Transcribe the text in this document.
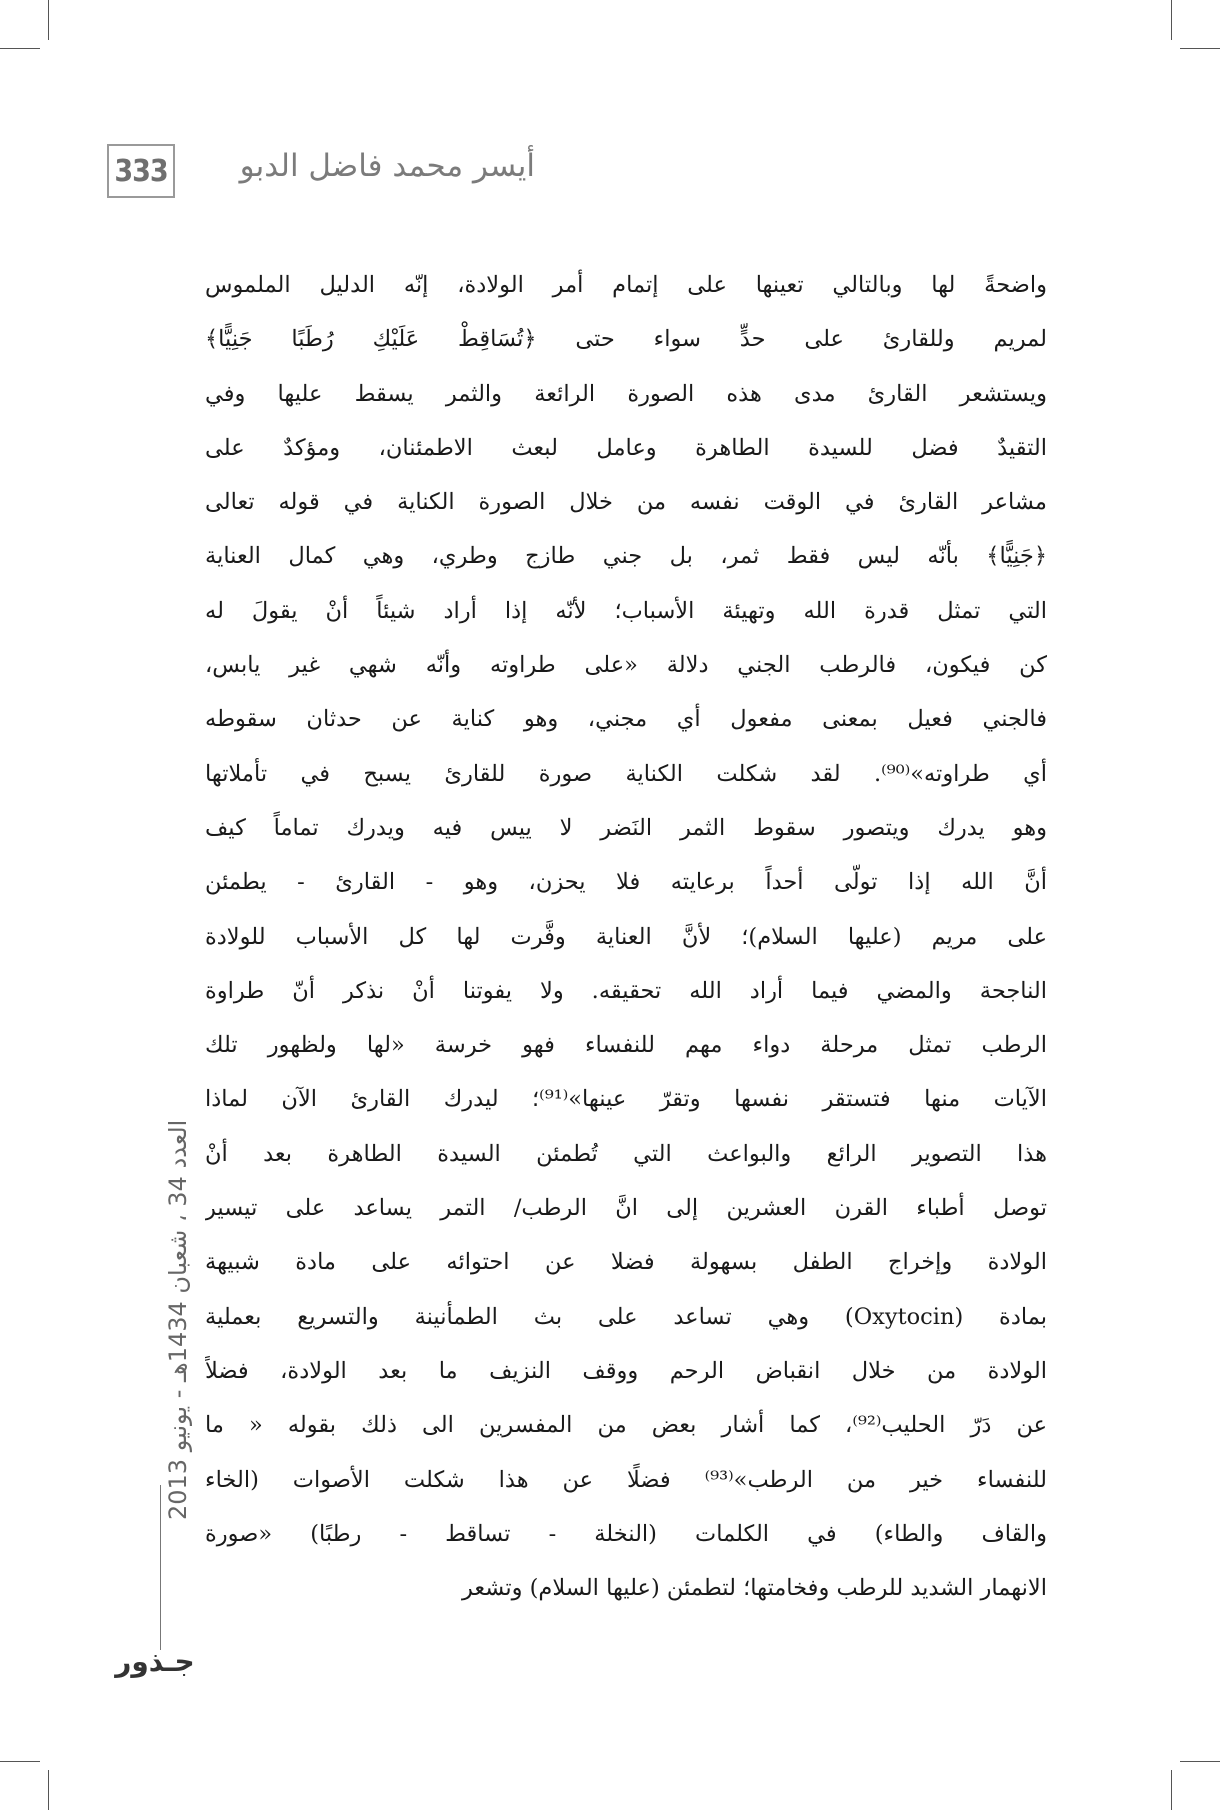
333	أيسر محمد فاضل الدبو
واضحةً لها وبالتالي تعينها على إتمام أمر الولادة، إنّه الدليل الملموس
لمريم وللقارئ على حدٍّ سواء حتى ﴿تُسَاقِطْ عَلَيْكِ رُطَبًا جَنِيًّا﴾
ويستشعر القارئ مدى هذه الصورة الرائعة والثمر يسقط عليها وفي
التقيدٌ فضل للسيدة الطاهرة وعامل لبعث الاطمئنان، ومؤكدٌ على
مشاعر القارئ في الوقت نفسه من خلال الصورة الكناية في قوله تعالى
﴿جَنِيًّا﴾ بأنّه ليس فقط ثمر، بل جني طازج وطري، وهي كمال العناية
التي تمثل قدرة الله وتهيئة الأسباب؛ لأنّه إذا أراد شيئاً أنْ يقولَ له
كن فيكون، فالرطب الجني دلالة «على طراوته وأنّه شهي غير يابس،
فالجني فعيل بمعنى مفعول أي مجني، وهو كناية عن حدثان سقوطه
أي طراوته»⁽⁹⁰⁾. لقد شكلت الكناية صورة للقارئ يسبح في تأملاتها
وهو يدرك ويتصور سقوط الثمر النَضر لا ييس فيه ويدرك تماماً كيف
أنَّ الله إذا تولّى أحداً برعايته فلا يحزن، وهو - القارئ - يطمئن
على مريم (عليها السلام)؛ لأنَّ العناية وفَّرت لها كل الأسباب للولادة
الناجحة والمضي فيما أراد الله تحقيقه. ولا يفوتنا أنْ نذكر أنّ طراوة
الرطب تمثل مرحلة دواء مهم للنفساء فهو خرسة «لها ولظهور تلك
الآيات منها فتستقر نفسها وتقرّ عينها»⁽⁹¹⁾؛ ليدرك القارئ الآن لماذا
هذا التصوير الرائع والبواعث التي تُطمئن السيدة الطاهرة بعد أنْ
توصل أطباء القرن العشرين إلى انَّ الرطب/ التمر يساعد على تيسير
الولادة وإخراج الطفل بسهولة فضلا عن احتوائه على مادة شبيهة
بمادة (Oxytocin) وهي تساعد على بث الطمأنينة والتسريع بعملية
الولادة من خلال انقباض الرحم ووقف النزيف ما بعد الولادة، فضلاً
عن دَرّ الحليب⁽⁹²⁾، كما أشار بعض من المفسرين الى ذلك بقوله « ما
للنفساء خير من الرطب»⁽⁹³⁾ فضلًا عن هذا شكلت الأصوات (الخاء
والقاف والطاء) في الكلمات (النخلة - تساقط - رطبًا) «صورة
الانهمار الشديد للرطب وفخامتها؛ لتطمئن (عليها السلام) وتشعر
العدد 34 ، شعبان 1434هـ - يونيو 2013
جـذور
